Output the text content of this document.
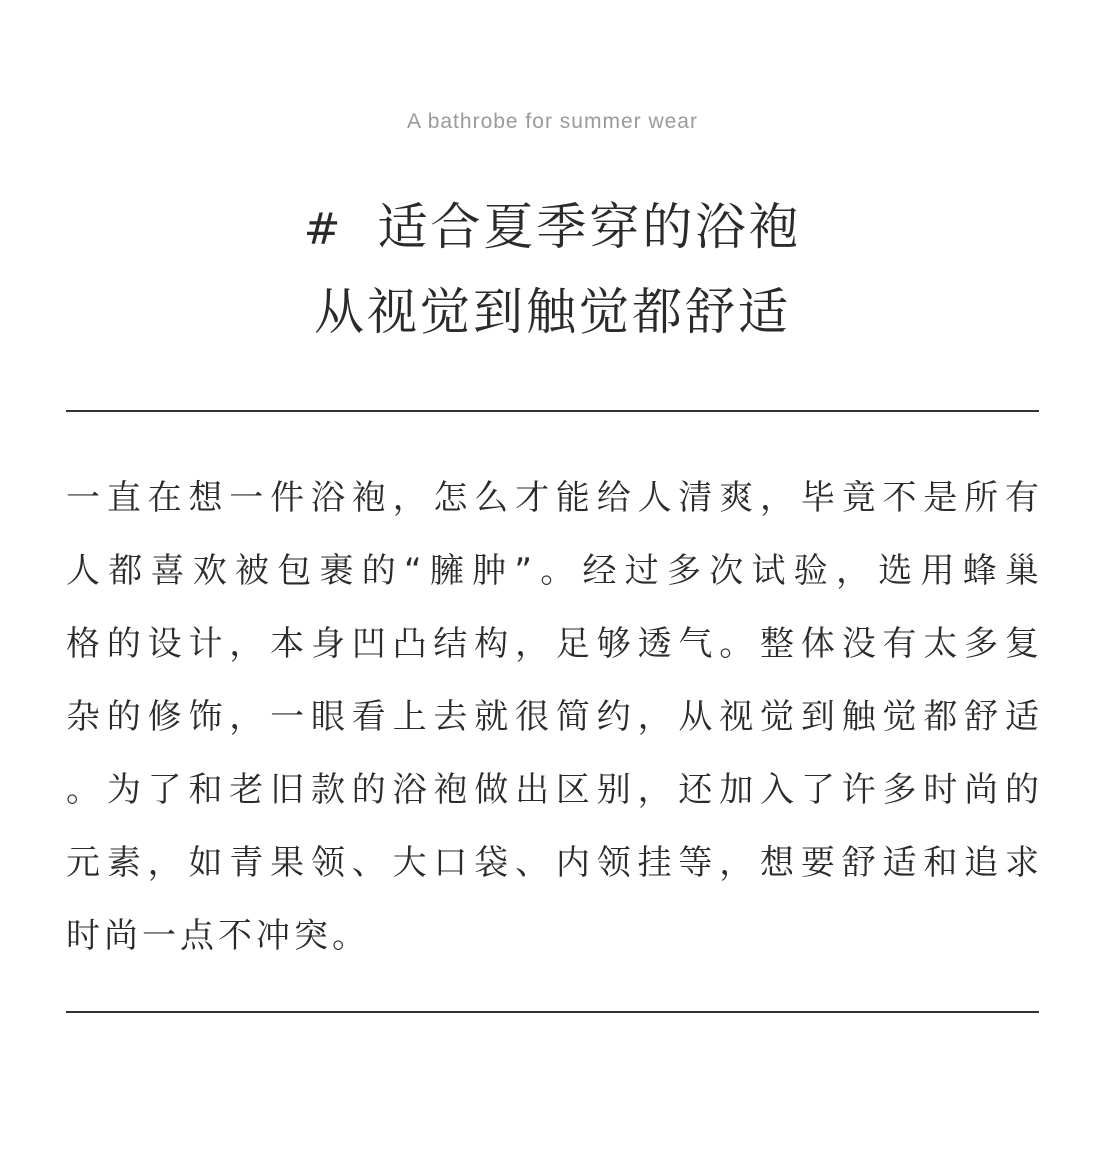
A bathrobe for summer wear
# 适合夏季穿的浴袍
从视觉到触觉都舒适
一直在想一件浴袍，怎么才能给人清爽，毕竟不是所有
人都喜欢被包裹的“臃肿”。经过多次试验，选用蜂巢
格的设计，本身凹凸结构，足够透气。整体没有太多复
杂的修饰，一眼看上去就很简约，从视觉到触觉都舒适
。为了和老旧款的浴袍做出区别，还加入了许多时尚的
元素，如青果领、大口袋、内领挂等，想要舒适和追求
时尚一点不冲突。
